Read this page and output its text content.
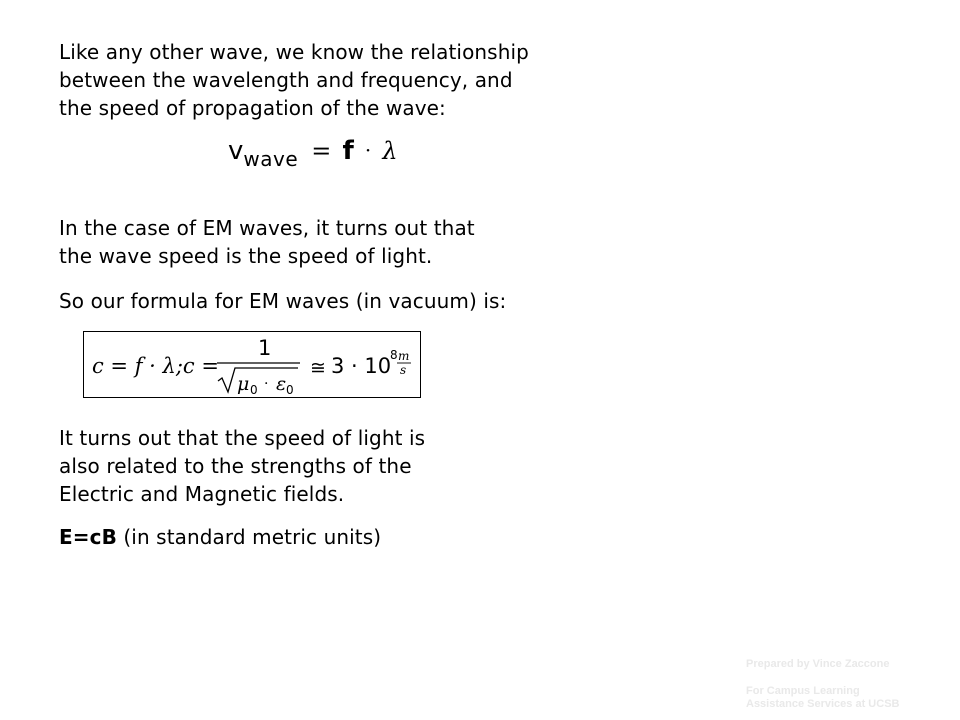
Like any other wave, we know the relationship
between the wavelength and frequency, and
the speed of propagation of the wave:

vwave = f · λ

In the case of EM waves, it turns out that
the wave speed is the speed of light.

So our formula for EM waves (in vacuum) is:

c = f · λ;c =
1
μ 0 · ε 0
≅ 3 · 10
8 m
s

It turns out that the speed of light is
also related to the strengths of the
Electric and Magnetic fields.

E=cB (in standard metric units)

Prepared by Vince Zaccone
For Campus Learning
Assistance Services at UCSB
